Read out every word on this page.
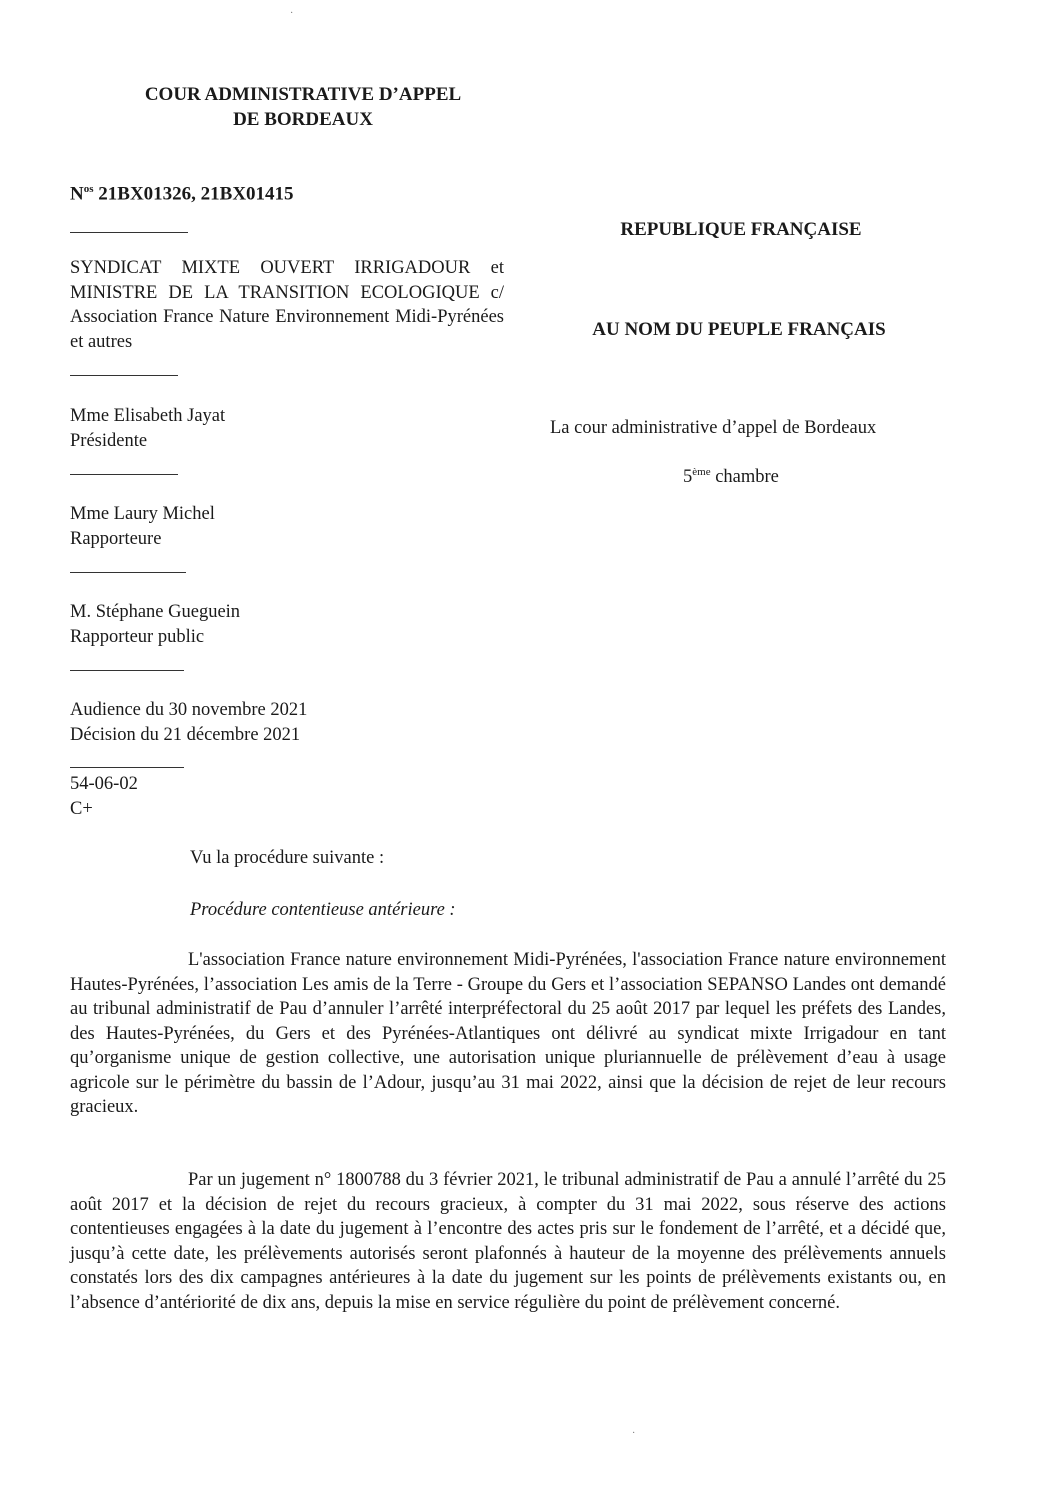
COUR ADMINISTRATIVE D’APPEL
DE BORDEAUX
$N^{os}$ 21BX01326, 21BX01415
SYNDICAT MIXTE OUVERT IRRIGADOUR et MINISTRE DE LA TRANSITION ECOLOGIQUE c/ Association France Nature Environnement Midi-Pyrénées et autres
Mme Elisabeth Jayat
Présidente
Mme Laury Michel
Rapporteure
M. Stéphane Gueguein
Rapporteur public
Audience du 30 novembre 2021
Décision du 21 décembre 2021
54-06-02
C+
REPUBLIQUE FRANÇAISE
AU NOM DU PEUPLE FRANÇAIS
La cour administrative d’appel de Bordeaux
5ème chambre
Vu la procédure suivante :
Procédure contentieuse antérieure :
L'association France nature environnement Midi-Pyrénées, l'association France nature environnement Hautes-Pyrénées, l’association Les amis de la Terre - Groupe du Gers et l’association SEPANSO Landes ont demandé au tribunal administratif de Pau d’annuler l’arrêté interpréfectoral du 25 août 2017 par lequel les préfets des Landes, des Hautes-Pyrénées, du Gers et des Pyrénées-Atlantiques ont délivré au syndicat mixte Irrigadour en tant qu’organisme unique de gestion collective, une autorisation unique pluriannuelle de prélèvement d’eau à usage agricole sur le périmètre du bassin de l’Adour, jusqu’au 31 mai 2022, ainsi que la décision de rejet de leur recours gracieux.
Par un jugement n° 1800788 du 3 février 2021, le tribunal administratif de Pau a annulé l’arrêté du 25 août 2017 et la décision de rejet du recours gracieux, à compter du 31 mai 2022, sous réserve des actions contentieuses engagées à la date du jugement à l’encontre des actes pris sur le fondement de l’arrêté, et a décidé que, jusqu’à cette date, les prélèvements autorisés seront plafonnés à hauteur de la moyenne des prélèvements annuels constatés lors des dix campagnes antérieures à la date du jugement sur les points de prélèvements existants ou, en l’absence d’antériorité de dix ans, depuis la mise en service régulière du point de prélèvement concerné.
·
·
